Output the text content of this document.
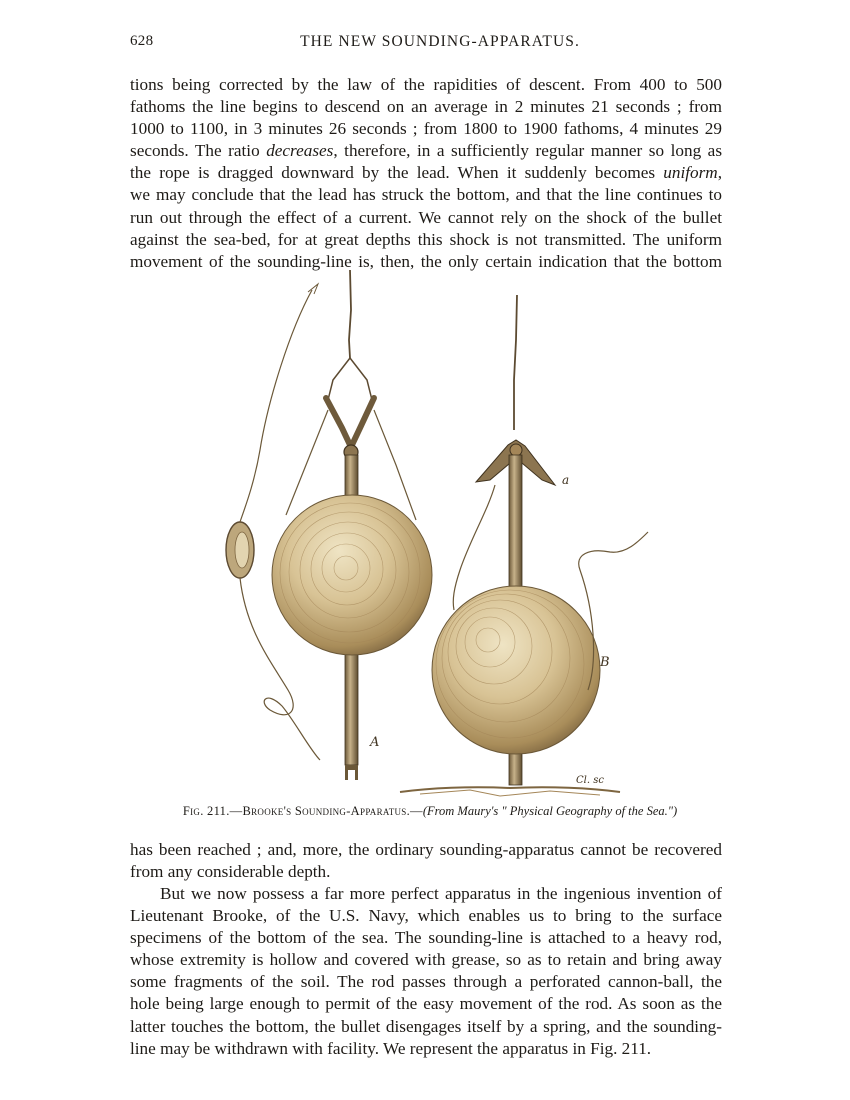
628	THE NEW SOUNDING-APPARATUS.

tions being corrected by the law of the rapidities of descent. From 400 to 500
fathoms the line begins to descend on an average in 2 minutes 21 seconds ; from
1000 to 1100, in 3 minutes 26 seconds ; from 1800 to 1900 fathoms, 4 minutes 29
seconds. The ratio decreases, therefore, in a sufficiently regular manner so long as
the rope is dragged downward by the lead. When it suddenly becomes uniform,
we may conclude that the lead has struck the bottom, and that the line continues to
run out through the effect of a current. We cannot rely on the shock of the bullet
against the sea-bed, for at great depths this shock is not transmitted. The uniform
movement of the sounding-line is, then, the only certain indication that the bottom

A
a
B
Cl. sc
Fig. 211.—Brooke's Sounding-Apparatus.—(From Maury's " Physical Geography of the Sea.")

has been reached ; and, more, the ordinary sounding-apparatus cannot be recovered
from any considerable depth.

But we now possess a far more perfect apparatus in the ingenious invention of
Lieutenant Brooke, of the U.S. Navy, which enables us to bring to the surface
specimens of the bottom of the sea. The sounding-line is attached to a heavy rod,
whose extremity is hollow and covered with grease, so as to retain and bring away
some fragments of the soil. The rod passes through a perforated cannon-ball, the
hole being large enough to permit of the easy movement of the rod. As soon as the
latter touches the bottom, the bullet disengages itself by a spring, and the sounding-
line may be withdrawn with facility. We represent the apparatus in Fig. 211.
